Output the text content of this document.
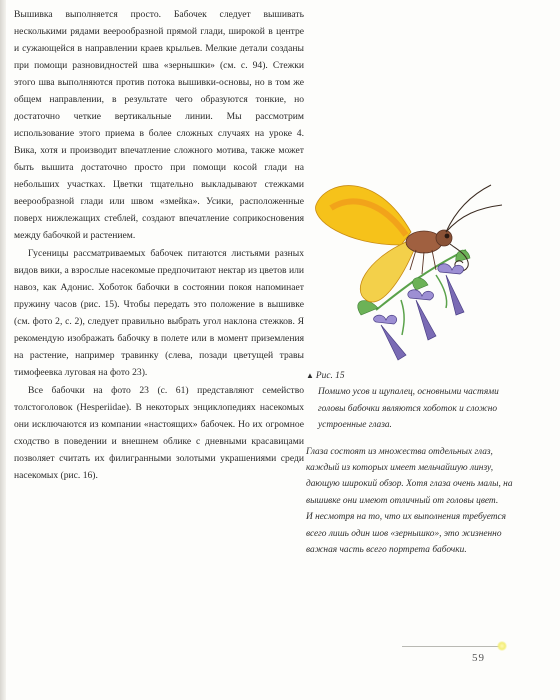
Вышивка выполняется просто. Бабочек следует вышивать несколькими рядами веерообразной прямой глади, широкой в центре и сужающейся в направлении краев крыльев. Мелкие детали созданы при помощи разновидностей шва «зернышки» (см. с. 94). Стежки этого шва выполняются против потока вышивки-основы, но в том же общем направлении, в результате чего образуются тонкие, но достаточно четкие вертикальные линии. Мы рассмотрим использование этого приема в более сложных случаях на уроке 4. Вика, хотя и производит впечатление сложного мотива, также может быть вышита достаточно просто при помощи косой глади на небольших участках. Цветки тщательно выкладывают стежками веерообразной глади или швом «змейка». Усики, расположенные поверх нижлежащих стеблей, создают впечатление соприкосновения между бабочкой и растением.

Гусеницы рассматриваемых бабочек питаются листьями разных видов вики, а взрослые насекомые предпочитают нектар из цветов или навоз, как Адонис. Хоботок бабочки в состоянии покоя напоминает пружину часов (рис. 15). Чтобы передать это положение в вышивке (см. фото 2, с. 2), следует правильно выбрать угол наклона стежков. Я рекомендую изображать бабочку в полете или в момент приземления на растение, например травинку (слева, позади цветущей травы тимофеевка луговая на фото 23).

Все бабочки на фото 23 (с. 61) представляют семейство толстоголовок (Hesperiidae). В некоторых энциклопедиях насекомых они исключаются из компании «настоящих» бабочек. Но их огромное сходство в поведении и внешнем облике с дневными красавицами позволяет считать их филигранными золотыми украшениями среди насекомых (рис. 16).

▲ Рис. 15

Помимо усов и щупалец, основными частями головы бабочки являются хоботок и сложно устроенные глаза.

Глаза состоят из множества отдельных глаз, каждый из которых имеет мельчайшую линзу, дающую широкий обзор. Хотя глаза очень малы, на вышивке они имеют отличный от головы цвет.

И несмотря на то, что их выполнения требуется всего лишь один шов «зернышко», это жизненно важная часть всего портрета бабочки.

59
